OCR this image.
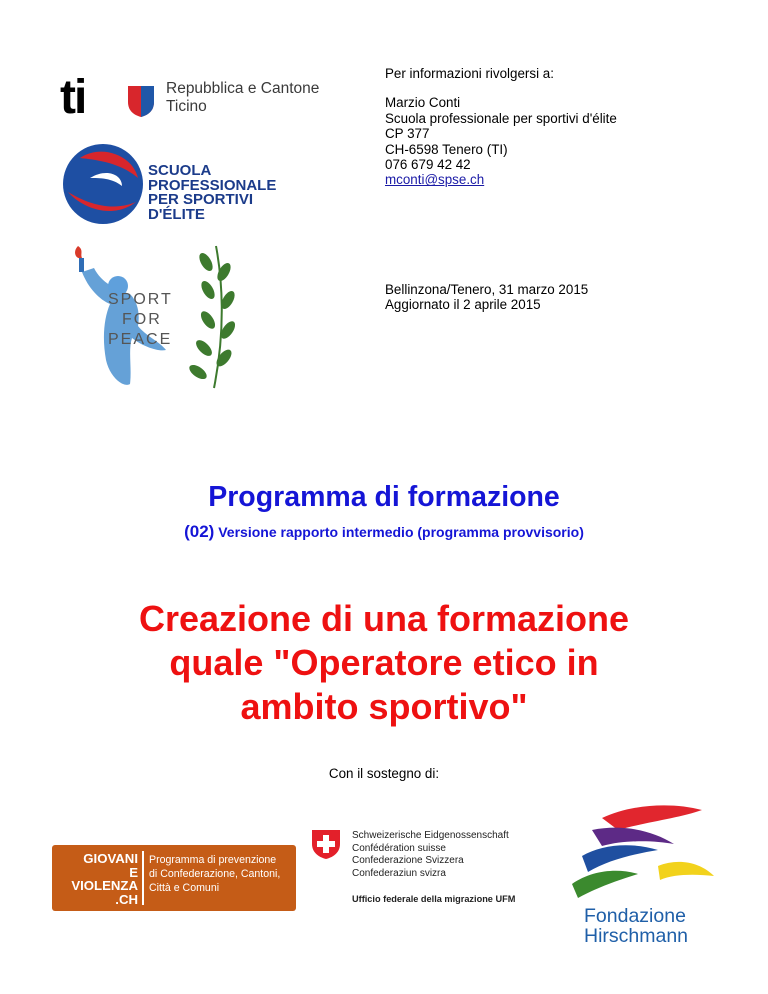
ti	Repubblica e Cantone
Ticino
SCUOLA
PROFESSIONALE
PER SPORTIVI
D'ÉLITE
SPORT
FOR
PEACE
Per informazioni rivolgersi a:
Marzio Conti
Scuola professionale per sportivi d'élite
CP 377
CH-6598 Tenero (TI)
076 679 42 42
mconti@spse.ch
Bellinzona/Tenero, 31 marzo 2015
Aggiornato il 2 aprile 2015
Programma di formazione
(02) Versione rapporto intermedio (programma provvisorio)
Creazione di una formazione
quale "Operatore etico in
ambito sportivo"
Con il sostegno di:
GIOVANI
E
VIOLENZA
.CH
Programma di prevenzione
di Confederazione, Cantoni,
Città e Comuni
Schweizerische Eidgenossenschaft
Confédération suisse
Confederazione Svizzera
Confederaziun svizra
Ufficio federale della migrazione UFM
Fondazione
Hirschmann
